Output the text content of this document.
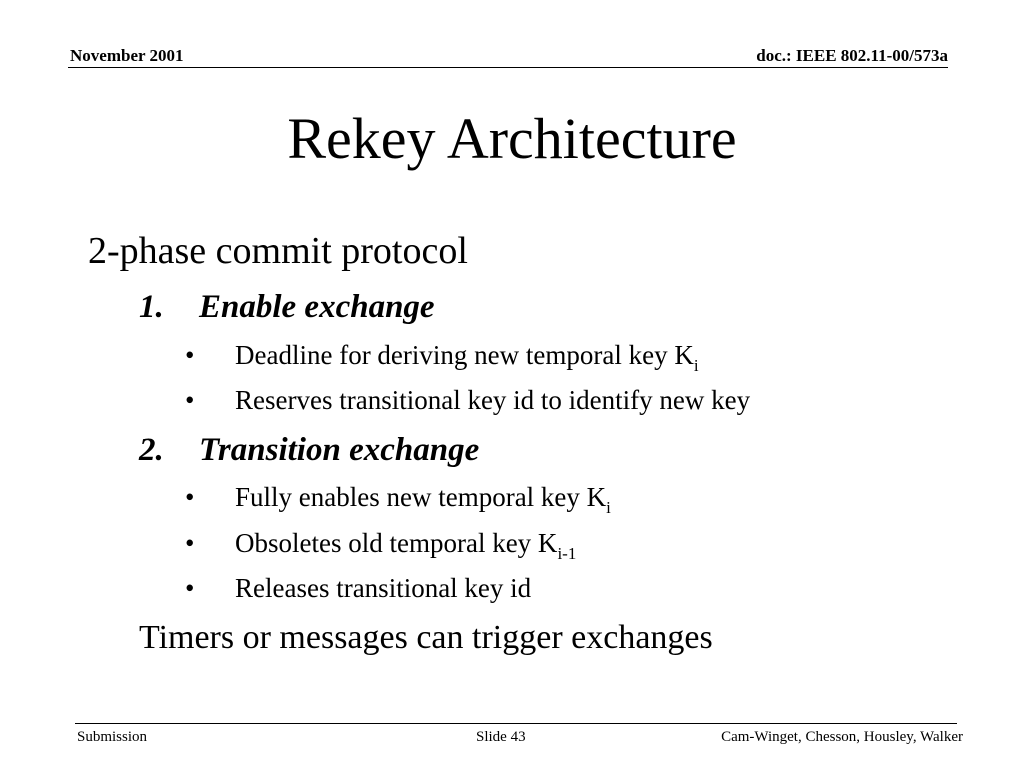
November 2001	doc.: IEEE 802.11-00/573a
Rekey Architecture
2-phase commit protocol
1. Enable exchange
• Deadline for deriving new temporal key $K_i$
• Reserves transitional key id to identify new key
2. Transition exchange
• Fully enables new temporal key $K_i$
• Obsoletes old temporal key $K_{i-1}$
• Releases transitional key id
Timers or messages can trigger exchanges
Submission	Slide 43	Cam-Winget, Chesson, Housley, Walker
